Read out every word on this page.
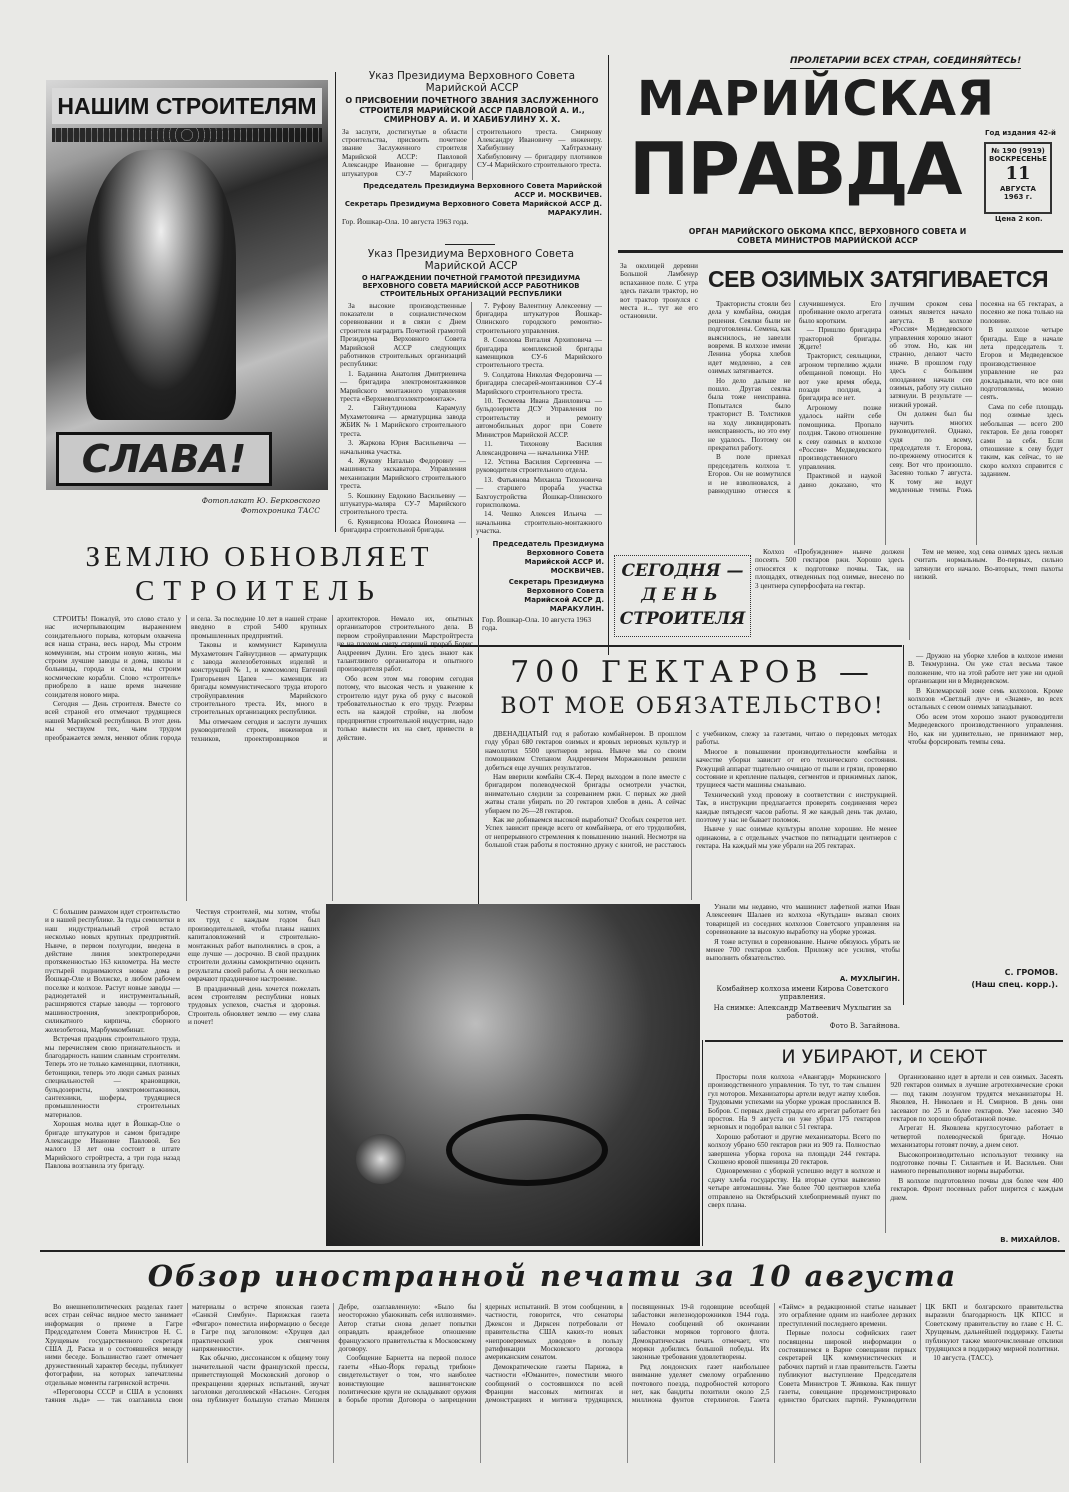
НАШИМ СТРОИТЕЛЯМ
СЛАВА!
Фотоплакат Ю. Берковского
Фотохроника ТАСС
Указ Президиума Верховного Совета Марийской АССР
О ПРИСВОЕНИИ ПОЧЕТНОГО ЗВАНИЯ ЗАСЛУЖЕННОГО СТРОИТЕЛЯ МАРИЙСКОЙ АССР ПАВЛОВОЙ А. И., СМИРНОВУ А. И. И ХАБИБУЛИНУ Х. Х.
За заслуги, достигнутые в области строительства, присвоить почетное звание Заслуженного строителя Марийской АССР: Павловой Александре Ивановне — бригадиру штукатуров СУ-7 Марийского строительного треста. Смирнову Александру Ивановичу — инженеру. Хабибулину Хабтрахману Хабибуловичу — бригадиру плотников СУ-4 Марийского строительного треста.
Председатель Президиума Верховного Совета Марийской АССР И. МОСКВИЧЕВ.
Секретарь Президиума Верховного Совета Марийской АССР Д. МАРАКУЛИН.
Гор. Йошкар-Ола. 10 августа 1963 года.
Указ Президиума Верховного Совета Марийской АССР
О НАГРАЖДЕНИИ ПОЧЕТНОЙ ГРАМОТОЙ ПРЕЗИДИУМА ВЕРХОВНОГО СОВЕТА МАРИЙСКОЙ АССР РАБОТНИКОВ СТРОИТЕЛЬНЫХ ОРГАНИЗАЦИЙ РЕСПУБЛИКИ

За высокие производственные показатели в социалистическом соревновании и в связи с Днем строителя наградить Почетной грамотой Президиума Верховного Совета Марийской АССР следующих работников строительных организаций республики:

1. Баданина Анатолия Дмитриевича — бригадира электромонтажников Марийского монтажного управления треста «Верхневолгоэлектромонтаж».

2. Гайнутдинова Карамулу Мухаметовича — арматурщика завода ЖБИК № 1 Марийского строительного треста.

3. Жаркова Юрия Васильевича — начальника участка.

4. Жукову Наталью Федоровну — машиниста экскаватора. Управления механизации Марийского строительного треста.

5. Кошкину Евдокию Васильевну — штукатура-маляра СУ-7 Марийского строительного треста.

6. Куянцисова Юозаса Йоновича — бригадира строительной бригады.

7. Руфову Валентину Алексеевну — бригадира штукатуров Йошкар-Олинского городского ремонтно-строительного управления.

8. Соколова Виталия Архиповича — бригадира комплексной бригады каменщиков СУ-6 Марийского строительного треста.

9. Солдатова Николая Федоровича — бригадира слесарей-монтажников СУ-4 Марийского строительного треста.

10. Тесмеева Ивана Даниловича — бульдозериста ДСУ Управления по строительству и ремонту автомобильных дорог при Совете Министров Марийской АССР.

11. Тихонову Василия Александровича — начальника УНР.

12. Устина Василия Сергеевича — руководителя строительного отдела.

13. Фатьянова Михаила Тихоновича — старшего прораба участка Бахгоустройства Йошкар-Олинского горисполкома.

14. Чешко Алексея Ильича — начальника строительно-монтажного участка.

Председатель Президиума Верховного Совета Марийской АССР И. МОСКВИЧЕВ.
Секретарь Президиума Верховного Совета Марийской АССР Д. МАРАКУЛИН.
Гор. Йошкар-Ола. 10 августа 1963 года.
ПРОЛЕТАРИИ ВСЕХ СТРАН, СОЕДИНЯЙТЕСЬ!
МАРИЙСКАЯ
ПРАВДА	Год издания 42-й
№ 190 (9919)
ВОСКРЕСЕНЬЕ
11
АВГУСТА
1963 г.
Цена 2 коп.
ОРГАН МАРИЙСКОГО ОБКОМА КПСС, ВЕРХОВНОГО СОВЕТА И СОВЕТА МИНИСТРОВ МАРИЙСКОЙ АССР
За околицей деревни Большой Ламбенур вспаханное поле. С утра здесь пахали трактор, но вот трактор тронулся с места и... тут же его остановили.
СЕВ ОЗИМЫХ ЗАТЯГИВАЕТСЯ

Трактористы стояли без дела у комбайна, ожидая решения. Сеялки были не подготовлены. Семена, как выяснилось, не завезли вовремя. В колхозе имени Ленина уборка хлебов идет медленно, а сев озимых затягивается.

Но дело дальше не пошло. Другая сеялка была тоже неисправна. Попытался было тракторист В. Толстиков на ходу ликвидировать неисправность, но это ему не удалось. Поэтому он прекратил работу.

В поле приехал председатель колхоза т. Егоров. Он не возмутился и не взволновался, а равнодушно отнесся к случившемуся. Его пробивание около агрегата было коротким.

— Пришлю бригадира тракторной бригады. Ждите!

Тракторист, сеяльщики, агроном терпеливо ждали обещанной помощи. Но вот уже время обеда, позади полдня, а бригадира все нет.

Агроному позже удалось найти себе помощника. Пропало полдня. Таково отношение к севу озимых в колхозе «Россия» Медведевского производственного управления.

Практикой и наукой давно доказано, что лучшим сроком сева озимых является начало августа. В колхозе «Россия» Медведевского управления хорошо знают об этом. Но, как ни странно, делают часто иначе. В прошлом году здесь с большим опозданием начали сев озимых, работу эту сильно затянули. В результате — низкий урожай.

Он должен был бы научить многих руководителей. Однако, судя по всему, председателя т. Егорова, по-прежнему относится к севу. Вот что произошло. Засеяно только 7 августа. К тому же ведут медленные темпы. Рожь посеяна на 65 гектарах, а посеяно же пока только на половине.

В колхозе четыре бригады. Еще в начале лета председатель т. Егоров и Медведевское производственное управление не раз докладывали, что все они подготовлены, можно сеять.

Сама по себе площадь под озимые здесь небольшая — всего 200 гектаров. Ее дела говорят сами за себя. Если отношение к севу будет таким, как сейчас, то не скоро колхоз справится с заданием.

Колхоз «Пробуждение» нынче должен посеять 500 гектаров ржи. Хорошо здесь относятся к подготовке почвы. Так, на площадях, отведенных под озимые, внесено по 3 центнера суперфосфата на гектар.

Тем не менее, ход сева озимых здесь нельзя считать нормальным. Во-первых, сильно затянули его начало. Во-вторых, темп пахоты низкий.

— Дружно на уборке хлебов в колхозе имени В. Текмурзина. Он уже стал весьма такое положение, что на этой работе нет уже ни одной организации ни в Медведевском.

В Килемарской зоне семь колхозов. Кроме колхозов «Светлый луч» и «Знамя», во всех остальных с севом озимых запаздывают.

Обо всем этом хорошо знают руководители Медведевского производственного управления. Но, как ни удивительно, не принимают мер, чтобы форсировать темпы сева.

С. ГРОМОВ.
(Наш спец. корр.).
СЕГОДНЯ —
ДЕНЬ
СТРОИТЕЛЯ
ЗЕМЛЮ ОБНОВЛЯЕТ
СТРОИТЕЛЬ

СТРОИТЬ! Пожалуй, это слово стало у нас исчерпывающим выражением созидательного порыва, которым охвачена вся наша страна, весь народ. Мы строим коммунизм, мы строим новую жизнь, мы строим лучшие заводы и дома, школы и больницы, города и села, мы строим космические корабли. Слово «строитель» приобрело в наше время значение созидателя нового мира.

Сегодня — День строителя. Вместе со всей страной его отмечают трудящиеся нашей Марийской республики. В этот день мы чествуем тех, чьим трудом преображается земля, меняют облик города и села. За последние 10 лет в нашей стране введено в строй 5400 крупных промышленных предприятий.

Таковы и коммунист Каримулла Мухаметович Гайнутдинов — арматурщик с завода железобетонных изделий и конструкций № 1, и комсомолец Евгений Григорьевич Цапев — каменщик из бригады коммунистического труда второго стройуправления Марийского строительного треста. Их, много в строительных организациях республики.

Мы отмечаем сегодня и заслуги лучших руководителей строек, инженеров и техников, проектировщиков и архитекторов. Немало их, опытных организаторов строительного дела. В первом стройуправлении Марстройтреста не на плохом счету старший прораб Борис Андреевич Дулин. Его здесь знают как талантливого организатора и опытного производителя работ.

Обо всем этом мы говорим сегодня потому, что высокая честь и уважение к строителю идут рука об руку с высокой требовательностью к его труду. Резервы есть на каждой стройке, на любом предприятии строительной индустрии, надо только вывести их на свет, привести в действие.

С большим размахом идет строительство и в нашей республике. За годы семилетки в наш индустриальный строй встало несколько новых крупных предприятий. Нынче, в первом полугодии, введена в действие линия электропередачи протяженностью 163 километра. На месте пустырей поднимаются новые дома в Йошкар-Оле и Волжске, в любом рабочем поселке и колхозе. Растут новые заводы — радиодеталей и инструментальный, расширяются старые заводы — торгового машиностроения, электроприборов, силикатного кирпича, сборного железобетона, Марбумкомбинат.

Встречая праздник строительного труда, мы перечисляем свою признательность и благодарность нашим славным строителям. Теперь это не только каменщики, плотники, бетонщики, теперь это люди самых разных специальностей — крановщики, бульдозеристы, электромонтажники, сантехники, шоферы, трудящиеся промышленности строительных материалов.

Хорошая молва идет в Йошкар-Оле о бригаде штукатуров и самом бригадире Александре Ивановне Павловой. Без малого 13 лет она состоит в штате Марийского стройтреста, а три года назад Павлова возглавила эту бригаду.

Чествуя строителей, мы хотим, чтобы их труд с каждым годом был производительней, чтобы планы наших капиталовложений и строительно-монтажных работ выполнялись в срок, а еще лучше — досрочно. В свой праздник строители должны самокритично оценить результаты своей работы. А они несколько омрачают праздничное настроение.

В праздничный день хочется пожелать всем строителям республики новых трудовых успехов, счастья и здоровья. Строитель обновляет землю — ему слава и почет!

700 ГЕКТАРОВ —
ВОТ МОЕ ОБЯЗАТЕЛЬСТВО!

ДВЕНАДЦАТЫЙ год я работаю комбайнером. В прошлом году убрал 680 гектаров озимых и яровых зерновых культур и намолотил 5500 центнеров зерна. Нынче мы со своим помощником Степаном Андреевичем Моржановым решили добиться еще лучших результатов.

Нам вверили комбайн СК-4. Перед выходом в поле вместе с бригадиром полеводческой бригады осмотрели участки, внимательно следили за созреванием ржи. С первых же дней жатвы стали убирать по 20 гектаров хлебов в день. А сейчас убираем по 26—28 гектаров.

Как же добиваемся высокой выработки? Особых секретов нет. Успех зависит прежде всего от комбайнера, от его трудолюбия, от непрерывного стремления к повышению знаний. Несмотря на большой стаж работы я постоянно дружу с книгой, не расстаюсь с учебником, слежу за газетами, читаю о передовых методах работы.

Многое в повышении производительности комбайна и качестве уборки зависит от его технического состояния. Режущий аппарат тщательно очищаю от пыли и грязи, проверяю состояние и крепление пальцев, сегментов и прижимных лапок, трущиеся части машины смазываю.

Технический уход провожу в соответствии с инструкцией. Так, в инструкции предлагается проверять соединения через каждые пятьдесят часов работы. Я же каждый день так делаю, поэтому у нас не бывает поломок.

Нынче у нас озимые культуры вполне хорошие. Не менее одинаковы, а с отдельных участков по пятнадцати центнеров с гектара. На каждый мы уже убрали на 205 гектарах.

Узнали мы недавно, что машинист лафетной жатки Иван Алексеевич Шалаев из колхоза «Кутьдаш» вызвал своих товарищей из соседних колхозов Советского управления на соревнование за высокую выработку на уборке урожая.

Я тоже вступил в соревнование. Нынче обязуюсь убрать не менее 700 гектаров хлебов. Приложу все усилия, чтобы выполнить обязательство.

А. МУХЛЫГИН.
Комбайнер колхоза имени Кирова Советского управления.
На снимке: Александр Матвеевич Мухлыгин за работой.
Фото В. Загайнова.
И УБИРАЮТ, И СЕЮТ

Просторы поля колхоза «Авангард» Моркинского производственного управления. То тут, то там слышен гул моторов. Механизаторы артели ведут жатву хлебов. Трудовыми успехами на уборке урожая прославился В. Бобров. С первых дней страды его агрегат работает без простоя. На 9 августа он уже убрал 175 гектаров зерновых и подобрал валки с 51 гектара.

Хорошо работают и другие механизаторы. Всего по колхозу убрано 650 гектаров ржи из 909 га. Полностью завершена уборка гороха на площади 244 гектара. Скошено яровой пшеницы 20 гектаров.

Одновременно с уборкой успешно ведут в колхозе и сдачу хлеба государству. На вторые сутки вывезено четыре автомашины. Уже более 700 центнеров хлеба отправлено на Октябрьский хлебоприемный пункт по сверх плана.

Организованно идет в артели и сев озимых. Засеять 920 гектаров озимых в лучшие агротехнические сроки — под таким лозунгом трудятся механизаторы Н. Яковлев, Н. Николаев и Н. Смирнов. В день они засевают по 25 и более гектаров. Уже засеяно 340 гектаров по хорошо обработанной почве.

Агрегат Н. Яковлева круглосуточно работает в четвертой полеводческой бригаде. Ночью механизаторы готовят почву, а днем сеют.

Высокопроизводительно используют технику на подготовке почвы Г. Силантьев и И. Васильев. Они намного перевыполняют нормы выработки.

В колхозе подготовлено почвы для более чем 400 гектаров. Фронт посевных работ ширится с каждым днем.

В. МИХАЙЛОВ.
Обзор иностранной печати за 10 августа

Во внешнеполитических разделах газет всех стран сейчас видное место занимает информация о приеме в Гагре Председателем Совета Министров Н. С. Хрущевым государственного секретаря США Д. Раска и о состоявшейся между ними беседе. Большинство газет отмечает дружественный характер беседы, публикует фотографии, на которых запечатлены отдельные моменты гагринской встречи.

«Переговоры СССР и США в условиях таяния льда» — так озаглавила свои материалы о встрече японская газета «Санкэй Симбун». Парижская газета «Фигаро» поместила информацию о беседе в Гагре под заголовком: «Хрущев дал практический урок смягчения напряженности».

Как обычно, диссонансом к общему тону значительной части французской прессы, приветствующей Московский договор о прекращении ядерных испытаний, звучат заголовки деголлевской «Насьон». Сегодня она публикует большую статью Мишеля Дебре, озаглавленную: «Было бы неосторожно убаюкивать себя иллюзиями». Автор статьи снова делает попытки оправдать враждебное отношение французского правительства к Московскому договору.

Сообщение Барнетта на первой полосе газеты «Нью-Йорк геральд трибюн» свидетельствует о том, что наиболее воинствующие вашингтонские политические круги не складывают оружия в борьбе против Договора о запрещении ядерных испытаний. В этом сообщении, в частности, говорится, что сенаторы Джексон и Дирксен потребовали от правительства США каких-то новых «непроверяемых доводов» в пользу ратификации Московского договора американским сенатом.

Демократические газеты Парижа, в частности «Юманите», поместили много сообщений о состоявшихся по всей Франции массовых митингах и демонстрациях и митинга трудящихся, посвященных 19-й годовщине всеобщей забастовки железнодорожников 1944 года. Немало сообщений об окончании забастовки моряков торгового флота. Демократическая печать отмечает, что моряки добились большой победы. Их законные требования удовлетворены.

Ряд лондонских газет наибольшее внимание уделяет смелому ограблению почтового поезда, подробностей которого нет, как бандиты похитили около 2,5 миллиона фунтов стерлингов. Газета «Таймс» в редакционной статье называет это ограбление одним из наиболее дерзких преступлений последнего времени.

Первые полосы софийских газет посвящены широкой информации о состоявшемся в Варне совещании первых секретарей ЦК коммунистических и рабочих партий и глав правительств. Газеты публикуют выступление Председателя Совета Министров Т. Живкова. Как пишут газеты, совещание продемонстрировало единство братских партий. Руководители ЦК БКП и болгарского правительства выразили благодарность ЦК КПСС и Советскому правительству во главе с Н. С. Хрущевым, дальнейшей поддержку. Газеты публикуют также многочисленные отклики трудящихся в поддержку мирной политики.

10 августа. (ТАСС).
